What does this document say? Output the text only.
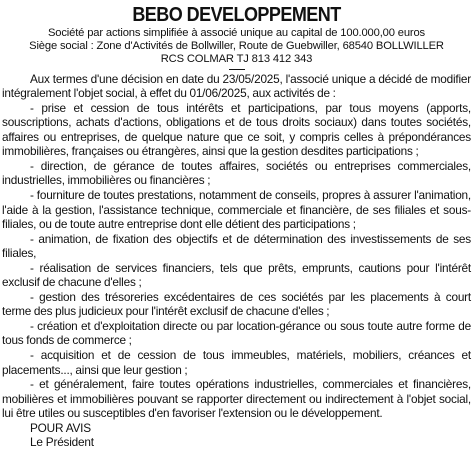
BEBO DEVELOPPEMENT
Société par actions simplifiée à associé unique au capital de 100.000,00 euros
Siège social : Zone d'Activités de Bollwiller, Route de Guebwiller, 68540 BOLLWILLER
RCS COLMAR TJ 813 412 343

Aux termes d'une décision en date du 23/05/2025, l'associé unique a décidé de modifier intégralement l'objet social, à effet du 01/06/2025, aux activités de :

- prise et cession de tous intérêts et participations, par tous moyens (apports, souscriptions, achats d'actions, obligations et de tous droits sociaux) dans toutes sociétés, affaires ou entreprises, de quelque nature que ce soit, y compris celles à prépondérances immobilières, françaises ou étrangères, ainsi que la gestion desdites participations ;

- direction, de gérance de toutes affaires, sociétés ou entreprises commerciales, industrielles, immobilières ou financières ;

- fourniture de toutes prestations, notamment de conseils, propres à assurer l'animation, l'aide à la gestion, l'assistance technique, commerciale et financière, de ses filiales et sous-filiales, ou de toute autre entreprise dont elle détient des participations ;

- animation, de fixation des objectifs et de détermination des investissements de ses filiales,

- réalisation de services financiers, tels que prêts, emprunts, cautions pour l'intérêt exclusif de chacune d'elles ;

- gestion des trésoreries excédentaires de ces sociétés par les placements à court terme des plus judicieux pour l'intérêt exclusif de chacune d'elles ;

- création et d'exploitation directe ou par location-gérance ou sous toute autre forme de tous fonds de commerce ;

- acquisition et de cession de tous immeubles, matériels, mobiliers, créances et placements..., ainsi que leur gestion ;

- et généralement, faire toutes opérations industrielles, commerciales et financières, mobilières et immobilières pouvant se rapporter directement ou indirectement à l'objet social, lui être utiles ou susceptibles d'en favoriser l'extension ou le développement.

POUR AVIS
Le Président
